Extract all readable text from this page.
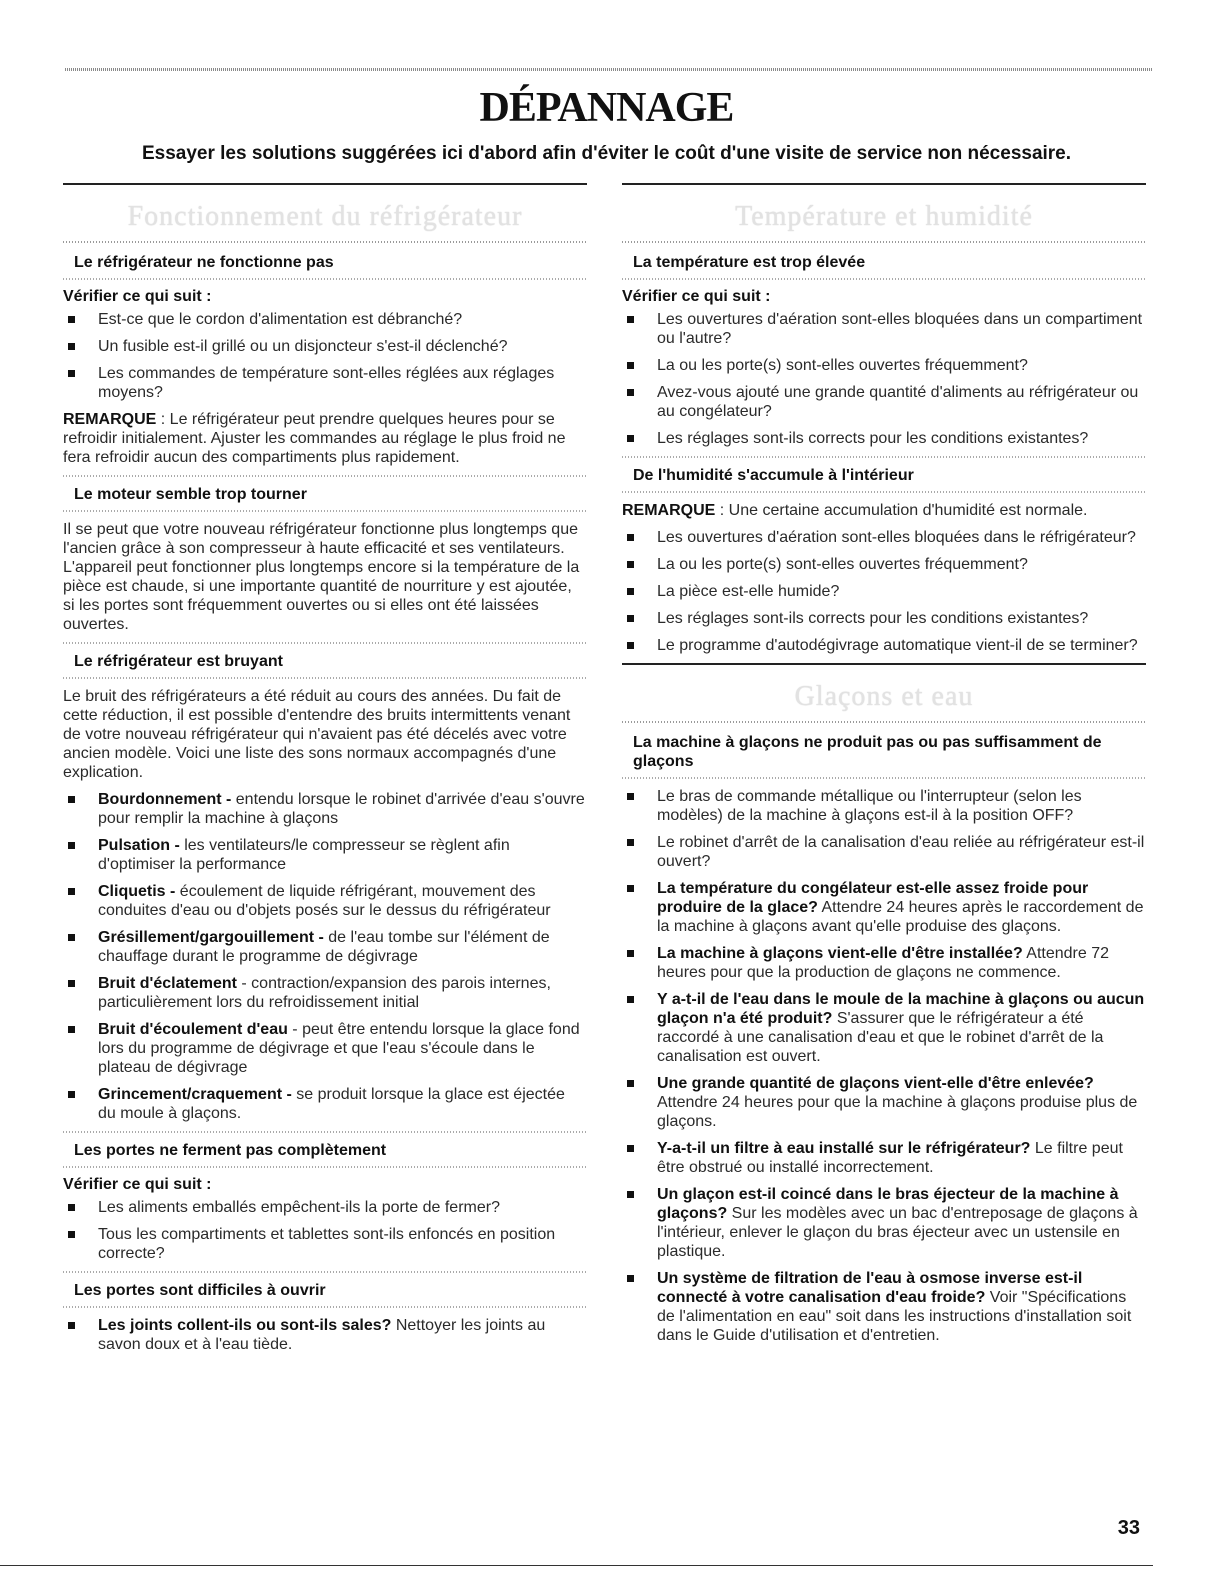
DÉPANNAGE
Essayer les solutions suggérées ici d'abord afin d'éviter le coût d'une visite de service non nécessaire.
Fonctionnement du réfrigérateur
Le réfrigérateur ne fonctionne pas
Vérifier ce qui suit :
Est-ce que le cordon d'alimentation est débranché?
Un fusible est-il grillé ou un disjoncteur s'est-il déclenché?
Les commandes de température sont-elles réglées aux réglages moyens?

REMARQUE : Le réfrigérateur peut prendre quelques heures pour se refroidir initialement. Ajuster les commandes au réglage le plus froid ne fera refroidir aucun des compartiments plus rapidement.

Le moteur semble trop tourner

Il se peut que votre nouveau réfrigérateur fonctionne plus longtemps que l'ancien grâce à son compresseur à haute efficacité et ses ventilateurs. L'appareil peut fonctionner plus longtemps encore si la température de la pièce est chaude, si une importante quantité de nourriture y est ajoutée, si les portes sont fréquemment ouvertes ou si elles ont été laissées ouvertes.

Le réfrigérateur est bruyant

Le bruit des réfrigérateurs a été réduit au cours des années. Du fait de cette réduction, il est possible d'entendre des bruits intermittents venant de votre nouveau réfrigérateur qui n'avaient pas été décelés avec votre ancien modèle. Voici une liste des sons normaux accompagnés d'une explication.

Bourdonnement - entendu lorsque le robinet d'arrivée d'eau s'ouvre pour remplir la machine à glaçons
Pulsation - les ventilateurs/le compresseur se règlent afin d'optimiser la performance
Cliquetis - écoulement de liquide réfrigérant, mouvement des conduites d'eau ou d'objets posés sur le dessus du réfrigérateur
Grésillement/gargouillement - de l'eau tombe sur l'élément de chauffage durant le programme de dégivrage
Bruit d'éclatement - contraction/expansion des parois internes, particulièrement lors du refroidissement initial
Bruit d'écoulement d'eau - peut être entendu lorsque la glace fond lors du programme de dégivrage et que l'eau s'écoule dans le plateau de dégivrage
Grincement/craquement - se produit lorsque la glace est éjectée du moule à glaçons.
Les portes ne ferment pas complètement
Vérifier ce qui suit :
Les aliments emballés empêchent-ils la porte de fermer?
Tous les compartiments et tablettes sont-ils enfoncés en position correcte?
Les portes sont difficiles à ouvrir
Les joints collent-ils ou sont-ils sales? Nettoyer les joints au savon doux et à l'eau tiède.
Température et humidité
La température est trop élevée
Vérifier ce qui suit :
Les ouvertures d'aération sont-elles bloquées dans un compartiment ou l'autre?
La ou les porte(s) sont-elles ouvertes fréquemment?
Avez-vous ajouté une grande quantité d'aliments au réfrigérateur ou au congélateur?
Les réglages sont-ils corrects pour les conditions existantes?
De l'humidité s'accumule à l'intérieur

REMARQUE : Une certaine accumulation d'humidité est normale.

Les ouvertures d'aération sont-elles bloquées dans le réfrigérateur?
La ou les porte(s) sont-elles ouvertes fréquemment?
La pièce est-elle humide?
Les réglages sont-ils corrects pour les conditions existantes?
Le programme d'autodégivrage automatique vient-il de se terminer?
Glaçons et eau
La machine à glaçons ne produit pas ou pas suffisamment de glaçons
Le bras de commande métallique ou l'interrupteur (selon les modèles) de la machine à glaçons est-il à la position OFF?
Le robinet d'arrêt de la canalisation d'eau reliée au réfrigérateur est-il ouvert?
La température du congélateur est-elle assez froide pour produire de la glace? Attendre 24 heures après le raccordement de la machine à glaçons avant qu'elle produise des glaçons.
La machine à glaçons vient-elle d'être installée? Attendre 72 heures pour que la production de glaçons ne commence.
Y a-t-il de l'eau dans le moule de la machine à glaçons ou aucun glaçon n'a été produit? S'assurer que le réfrigérateur a été raccordé à une canalisation d'eau et que le robinet d'arrêt de la canalisation est ouvert.
Une grande quantité de glaçons vient-elle d'être enlevée? Attendre 24 heures pour que la machine à glaçons produise plus de glaçons.
Y-a-t-il un filtre à eau installé sur le réfrigérateur? Le filtre peut être obstrué ou installé incorrectement.
Un glaçon est-il coincé dans le bras éjecteur de la machine à glaçons? Sur les modèles avec un bac d'entreposage de glaçons à l'intérieur, enlever le glaçon du bras éjecteur avec un ustensile en plastique.
Un système de filtration de l'eau à osmose inverse est-il connecté à votre canalisation d'eau froide? Voir "Spécifications de l'alimentation en eau" soit dans les instructions d'installation soit dans le Guide d'utilisation et d'entretien.
33
